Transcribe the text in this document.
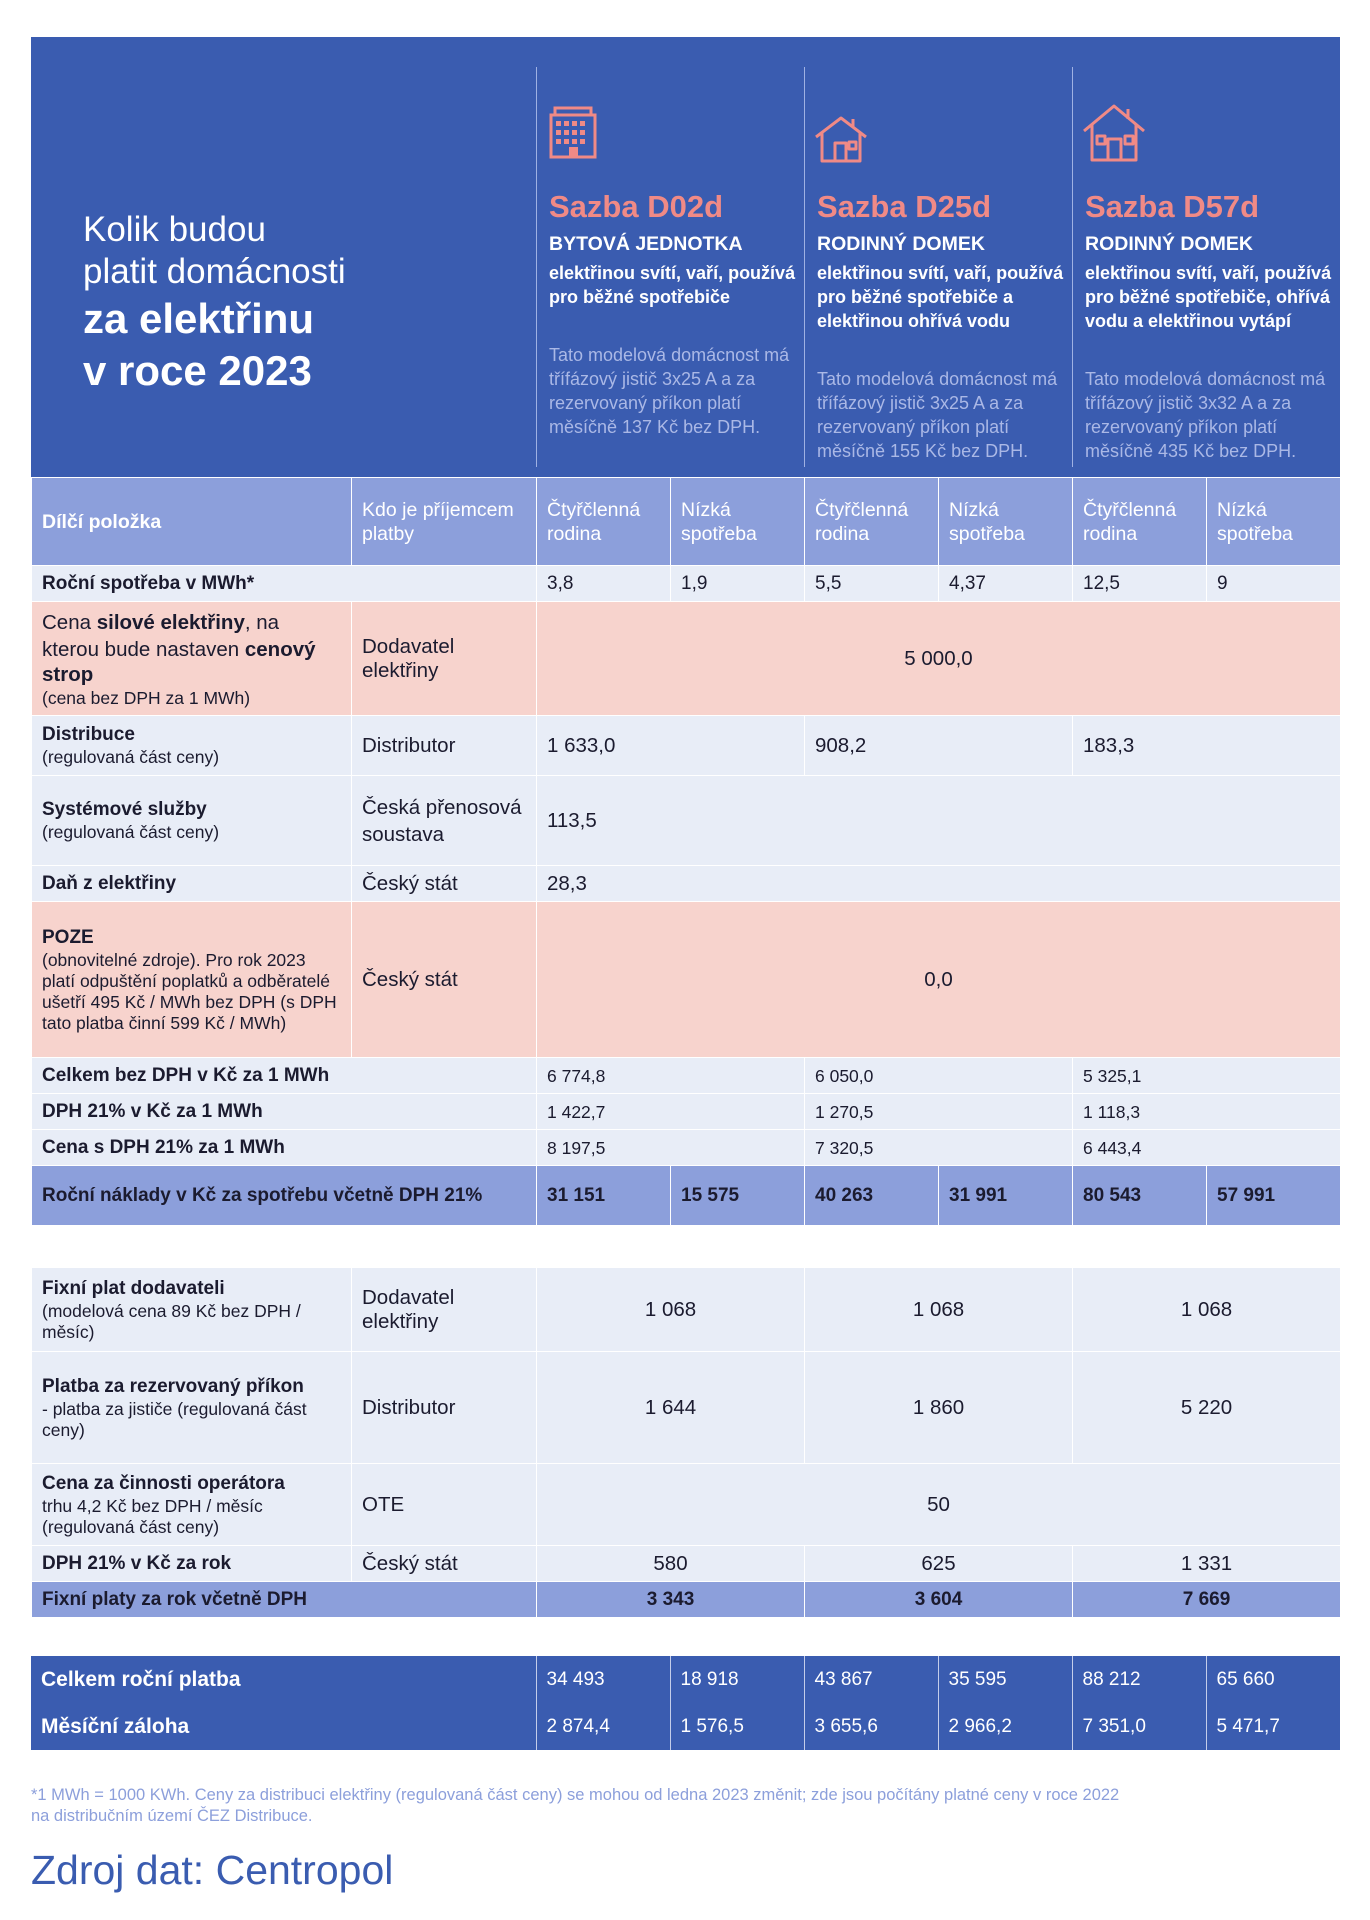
Kolik budou
platit domácnosti
za elektřinu
v roce 2023
Sazba D02d
BYTOVÁ JEDNOTKA
elektřinou svítí, vaří, používá pro běžné spotřebiče
Tato modelová domácnost má třífázový jistič 3x25 A a za rezervovaný příkon platí měsíčně 137 Kč bez DPH.
Sazba D25d
RODINNÝ DOMEK
elektřinou svítí, vaří, používá pro běžné spotřebiče a elektřinou ohřívá vodu
Tato modelová domácnost má třífázový jistič 3x25 A a za rezervovaný příkon platí měsíčně 155 Kč bez DPH.
Sazba D57d
RODINNÝ DOMEK
elektřinou svítí, vaří, používá pro běžné spotřebiče, ohřívá vodu a elektřinou vytápí
Tato modelová domácnost má třífázový jistič 3x32 A a za rezervovaný příkon platí měsíčně 435 Kč bez DPH.
Dílčí položka	Kdo je příjemcem platby	Čtyřčlenná rodina	Nízká spotřeba	Čtyřčlenná rodina	Nízká spotřeba	Čtyřčlenná rodina	Nízká spotřeba
Roční spotřeba v MWh*		3,8	1,9	5,5	4,37	12,5	9
Cena silové elektřiny, na kterou bude nastaven cenový strop
(cena bez DPH za 1 MWh)	Dodavatel elektřiny	5 000,0					

Distribuce
(regulovaná část ceny)	Distributor	1 633,0		908,2		183,3	

Systémové služby
(regulovaná část ceny)	Česká přenosová soustava	113,5					
Daň z elektřiny	Český stát	28,3					

POZE
(obnovitelné zdroje). Pro rok 2023 platí odpuštění poplatků a odběratelé ušetří 495 Kč / MWh bez DPH (s DPH tato platba činní 599 Kč / MWh)	Český stát	0,0					
Celkem bez DPH v Kč za 1 MWh		6 774,8		6 050,0		5 325,1	
DPH 21% v Kč za 1 MWh		1 422,7		1 270,5		1 118,3	
Cena s DPH 21% za 1 MWh		8 197,5		7 320,5		6 443,4	
Roční náklady v Kč za spotřebu včetně DPH 21%		31 151	15 575	40 263	31 991	80 543	57 991
Fixní plat dodavateli
(modelová cena 89 Kč bez DPH / měsíc)	Dodavatel elektřiny	1 068	1 068	1 068

Platba za rezervovaný příkon
- platba za jističe (regulovaná část ceny)	Distributor	1 644	1 860	5 220

Cena za činnosti operátora
trhu 4,2 Kč bez DPH / měsíc (regulovaná část ceny)	OTE	50		
DPH 21% v Kč za rok	Český stát	580	625	1 331
Fixní platy za rok včetně DPH		3 343	3 604	7 669
Celkem roční platba	34 493	18 918	43 867	35 595	88 212	65 660
Měsíční záloha	2 874,4	1 576,5	3 655,6	2 966,2	7 351,0	5 471,7
*1 MWh = 1000 KWh. Ceny za distribuci elektřiny (regulovaná část ceny) se mohou od ledna 2023 změnit; zde jsou počítány platné ceny v roce 2022 na distribučním území ČEZ Distribuce.
Zdroj dat: Centropol
